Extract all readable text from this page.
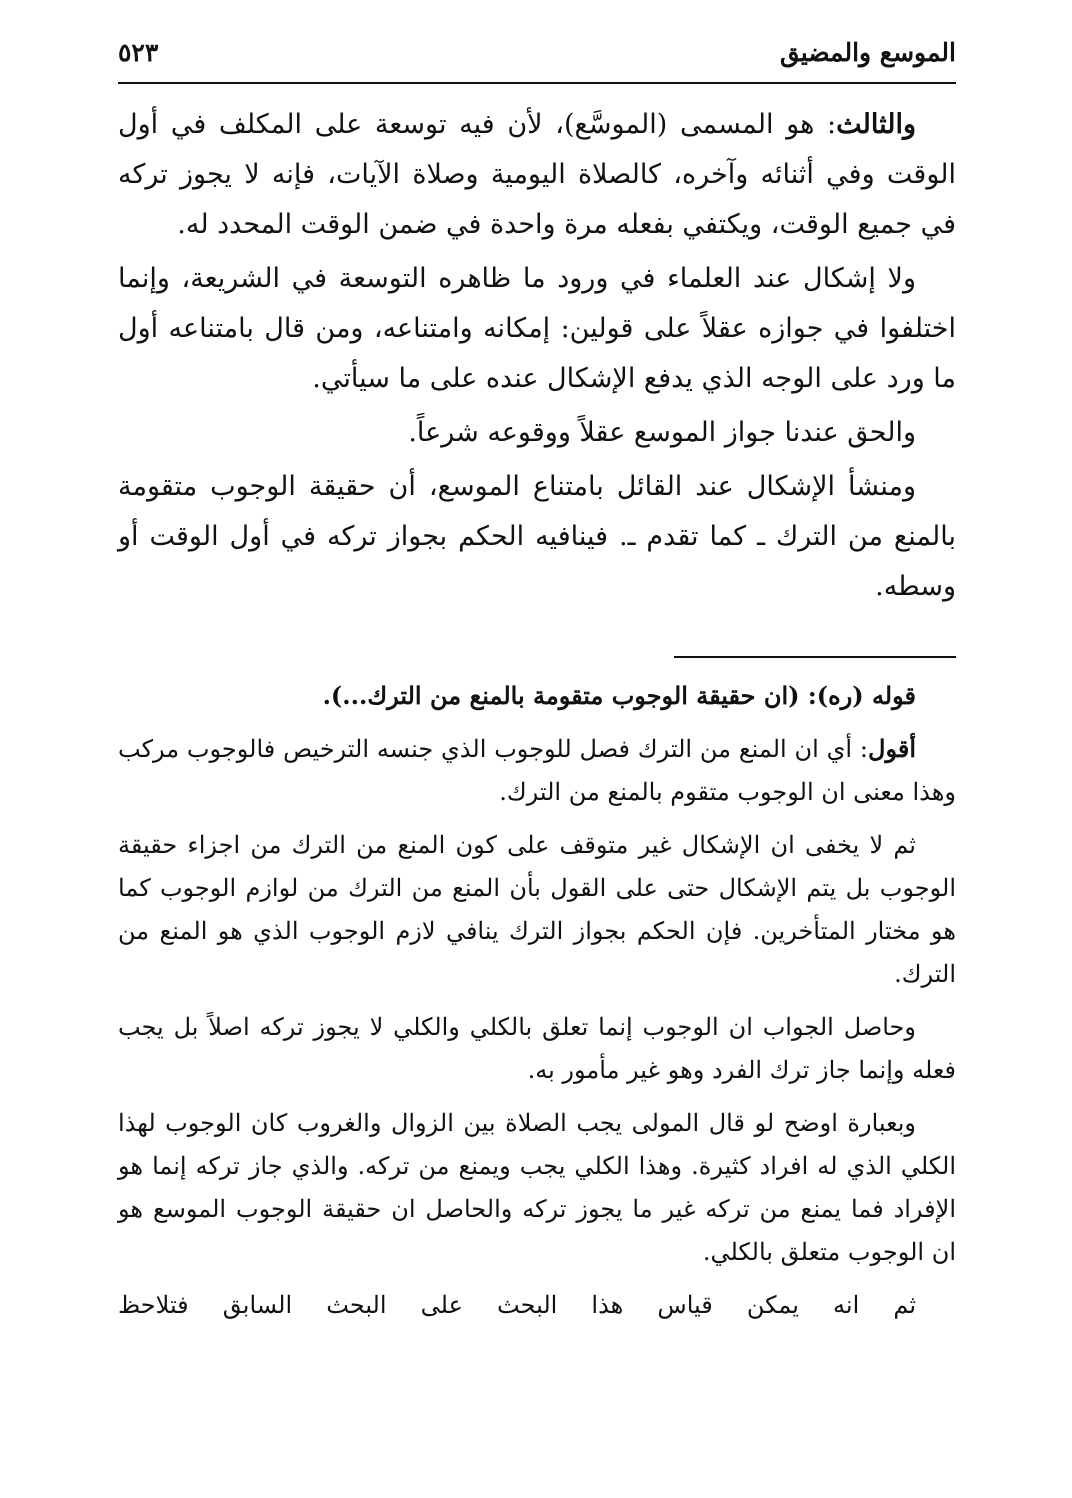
الموسع والمضيق
٥٢٣

والثالث: هو المسمى (الموسَّع)، لأن فيه توسعة على المكلف في أول الوقت وفي أثنائه وآخره، كالصلاة اليومية وصلاة الآيات، فإنه لا يجوز تركه في جميع الوقت، ويكتفي بفعله مرة واحدة في ضمن الوقت المحدد له.

ولا إشكال عند العلماء في ورود ما ظاهره التوسعة في الشريعة، وإنما اختلفوا في جوازه عقلاً على قولين: إمكانه وامتناعه، ومن قال بامتناعه أول ما ورد على الوجه الذي يدفع الإشكال عنده على ما سيأتي.

والحق عندنا جواز الموسع عقلاً ووقوعه شرعاً.

ومنشأ الإشكال عند القائل بامتناع الموسع، أن حقيقة الوجوب متقومة بالمنع من الترك ـ كما تقدم ـ. فينافيه الحكم بجواز تركه في أول الوقت أو وسطه.

قوله (ره): (ان حقيقة الوجوب متقومة بالمنع من الترك...).

أقول: أي ان المنع من الترك فصل للوجوب الذي جنسه الترخيص فالوجوب مركب وهذا معنى ان الوجوب متقوم بالمنع من الترك.

ثم لا يخفى ان الإشكال غير متوقف على كون المنع من الترك من اجزاء حقيقة الوجوب بل يتم الإشكال حتى على القول بأن المنع من الترك من لوازم الوجوب كما هو مختار المتأخرين. فإن الحكم بجواز الترك ينافي لازم الوجوب الذي هو المنع من الترك.

وحاصل الجواب ان الوجوب إنما تعلق بالكلي والكلي لا يجوز تركه اصلاً بل يجب فعله وإنما جاز ترك الفرد وهو غير مأمور به.

وبعبارة اوضح لو قال المولى يجب الصلاة بين الزوال والغروب كان الوجوب لهذا الكلي الذي له افراد كثيرة. وهذا الكلي يجب ويمنع من تركه. والذي جاز تركه إنما هو الإفراد فما يمنع من تركه غير ما يجوز تركه والحاصل ان حقيقة الوجوب الموسع هو ان الوجوب متعلق بالكلي.

ثم انه يمكن قياس هذا البحث على البحث السابق فتلاحظ
